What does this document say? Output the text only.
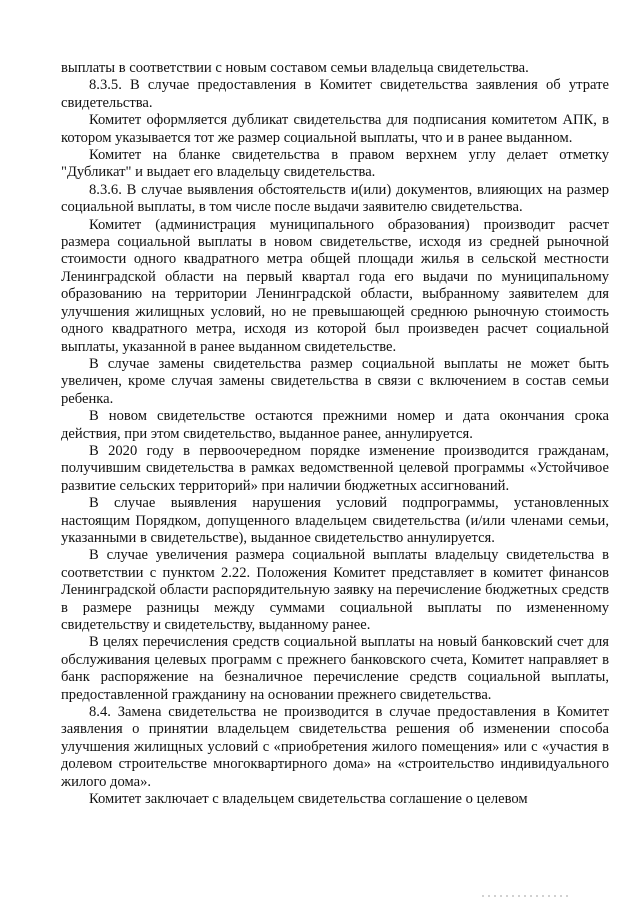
выплаты в соответствии с новым составом семьи владельца свидетельства.

8.3.5. В случае предоставления в Комитет свидетельства заявления об утрате свидетельства.

Комитет оформляется дубликат свидетельства для подписания комитетом АПК, в котором указывается тот же размер социальной выплаты, что и в ранее выданном.

Комитет на бланке свидетельства в правом верхнем углу делает отметку "Дубликат" и выдает его владельцу свидетельства.

8.3.6. В случае выявления обстоятельств и(или) документов, влияющих на размер социальной выплаты, в том числе после выдачи заявителю свидетельства.

Комитет (администрация муниципального образования) производит расчет размера социальной выплаты в новом свидетельстве, исходя из средней рыночной стоимости одного квадратного метра общей площади жилья в сельской местности Ленинградской области на первый квартал года его выдачи по муниципальному образованию на территории Ленинградской области, выбранному заявителем для улучшения жилищных условий, но не превышающей среднюю рыночную стоимость одного квадратного метра, исходя из которой был произведен расчет социальной выплаты, указанной в ранее выданном свидетельстве.

В случае замены свидетельства размер социальной выплаты не может быть увеличен, кроме случая замены свидетельства в связи с включением в состав семьи ребенка.

В новом свидетельстве остаются прежними номер и дата окончания срока действия, при этом свидетельство, выданное ранее, аннулируется.

В 2020 году в первоочередном порядке изменение производится гражданам, получившим свидетельства в рамках ведомственной целевой программы «Устойчивое развитие сельских территорий» при наличии бюджетных ассигнований.

В случае выявления нарушения условий подпрограммы, установленных настоящим Порядком, допущенного владельцем свидетельства (и/или членами семьи, указанными в свидетельстве), выданное свидетельство аннулируется.

В случае увеличения размера социальной выплаты владельцу свидетельства в соответствии с пунктом 2.22. Положения Комитет представляет в комитет финансов Ленинградской области распорядительную заявку на перечисление бюджетных средств в размере разницы между суммами социальной выплаты по измененному свидетельству и свидетельству, выданному ранее.

В целях перечисления средств социальной выплаты на новый банковский счет для обслуживания целевых программ с прежнего банковского счета, Комитет направляет в банк распоряжение на безналичное перечисление средств социальной выплаты, предоставленной гражданину на основании прежнего свидетельства.

8.4. Замена свидетельства не производится в случае предоставления в Комитет заявления о принятии владельцем свидетельства решения об изменении способа улучшения жилищных условий с «приобретения жилого помещения» или с «участия в долевом строительстве многоквартирного дома» на «строительство индивидуального жилого дома».

Комитет заключает с владельцем свидетельства соглашение о целевом
